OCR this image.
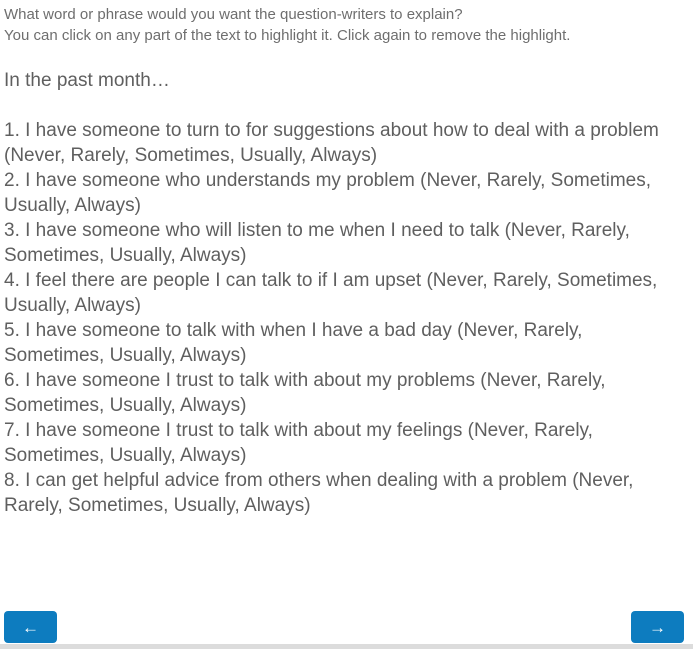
What word or phrase would you want the question-writers to explain?
You can click on any part of the text to highlight it. Click again to remove the highlight.
In the past month…
1. I have someone to turn to for suggestions about how to deal with a problem (Never, Rarely, Sometimes, Usually, Always)
2. I have someone who understands my problem (Never, Rarely, Sometimes, Usually, Always)
3. I have someone who will listen to me when I need to talk (Never, Rarely, Sometimes, Usually, Always)
4. I feel there are people I can talk to if I am upset (Never, Rarely, Sometimes, Usually, Always)
5. I have someone to talk with when I have a bad day (Never, Rarely, Sometimes, Usually, Always)
6. I have someone I trust to talk with about my problems (Never, Rarely, Sometimes, Usually, Always)
7. I have someone I trust to talk with about my feelings (Never, Rarely, Sometimes, Usually, Always)
8. I can get helpful advice from others when dealing with a problem (Never, Rarely, Sometimes, Usually, Always)
←	→
